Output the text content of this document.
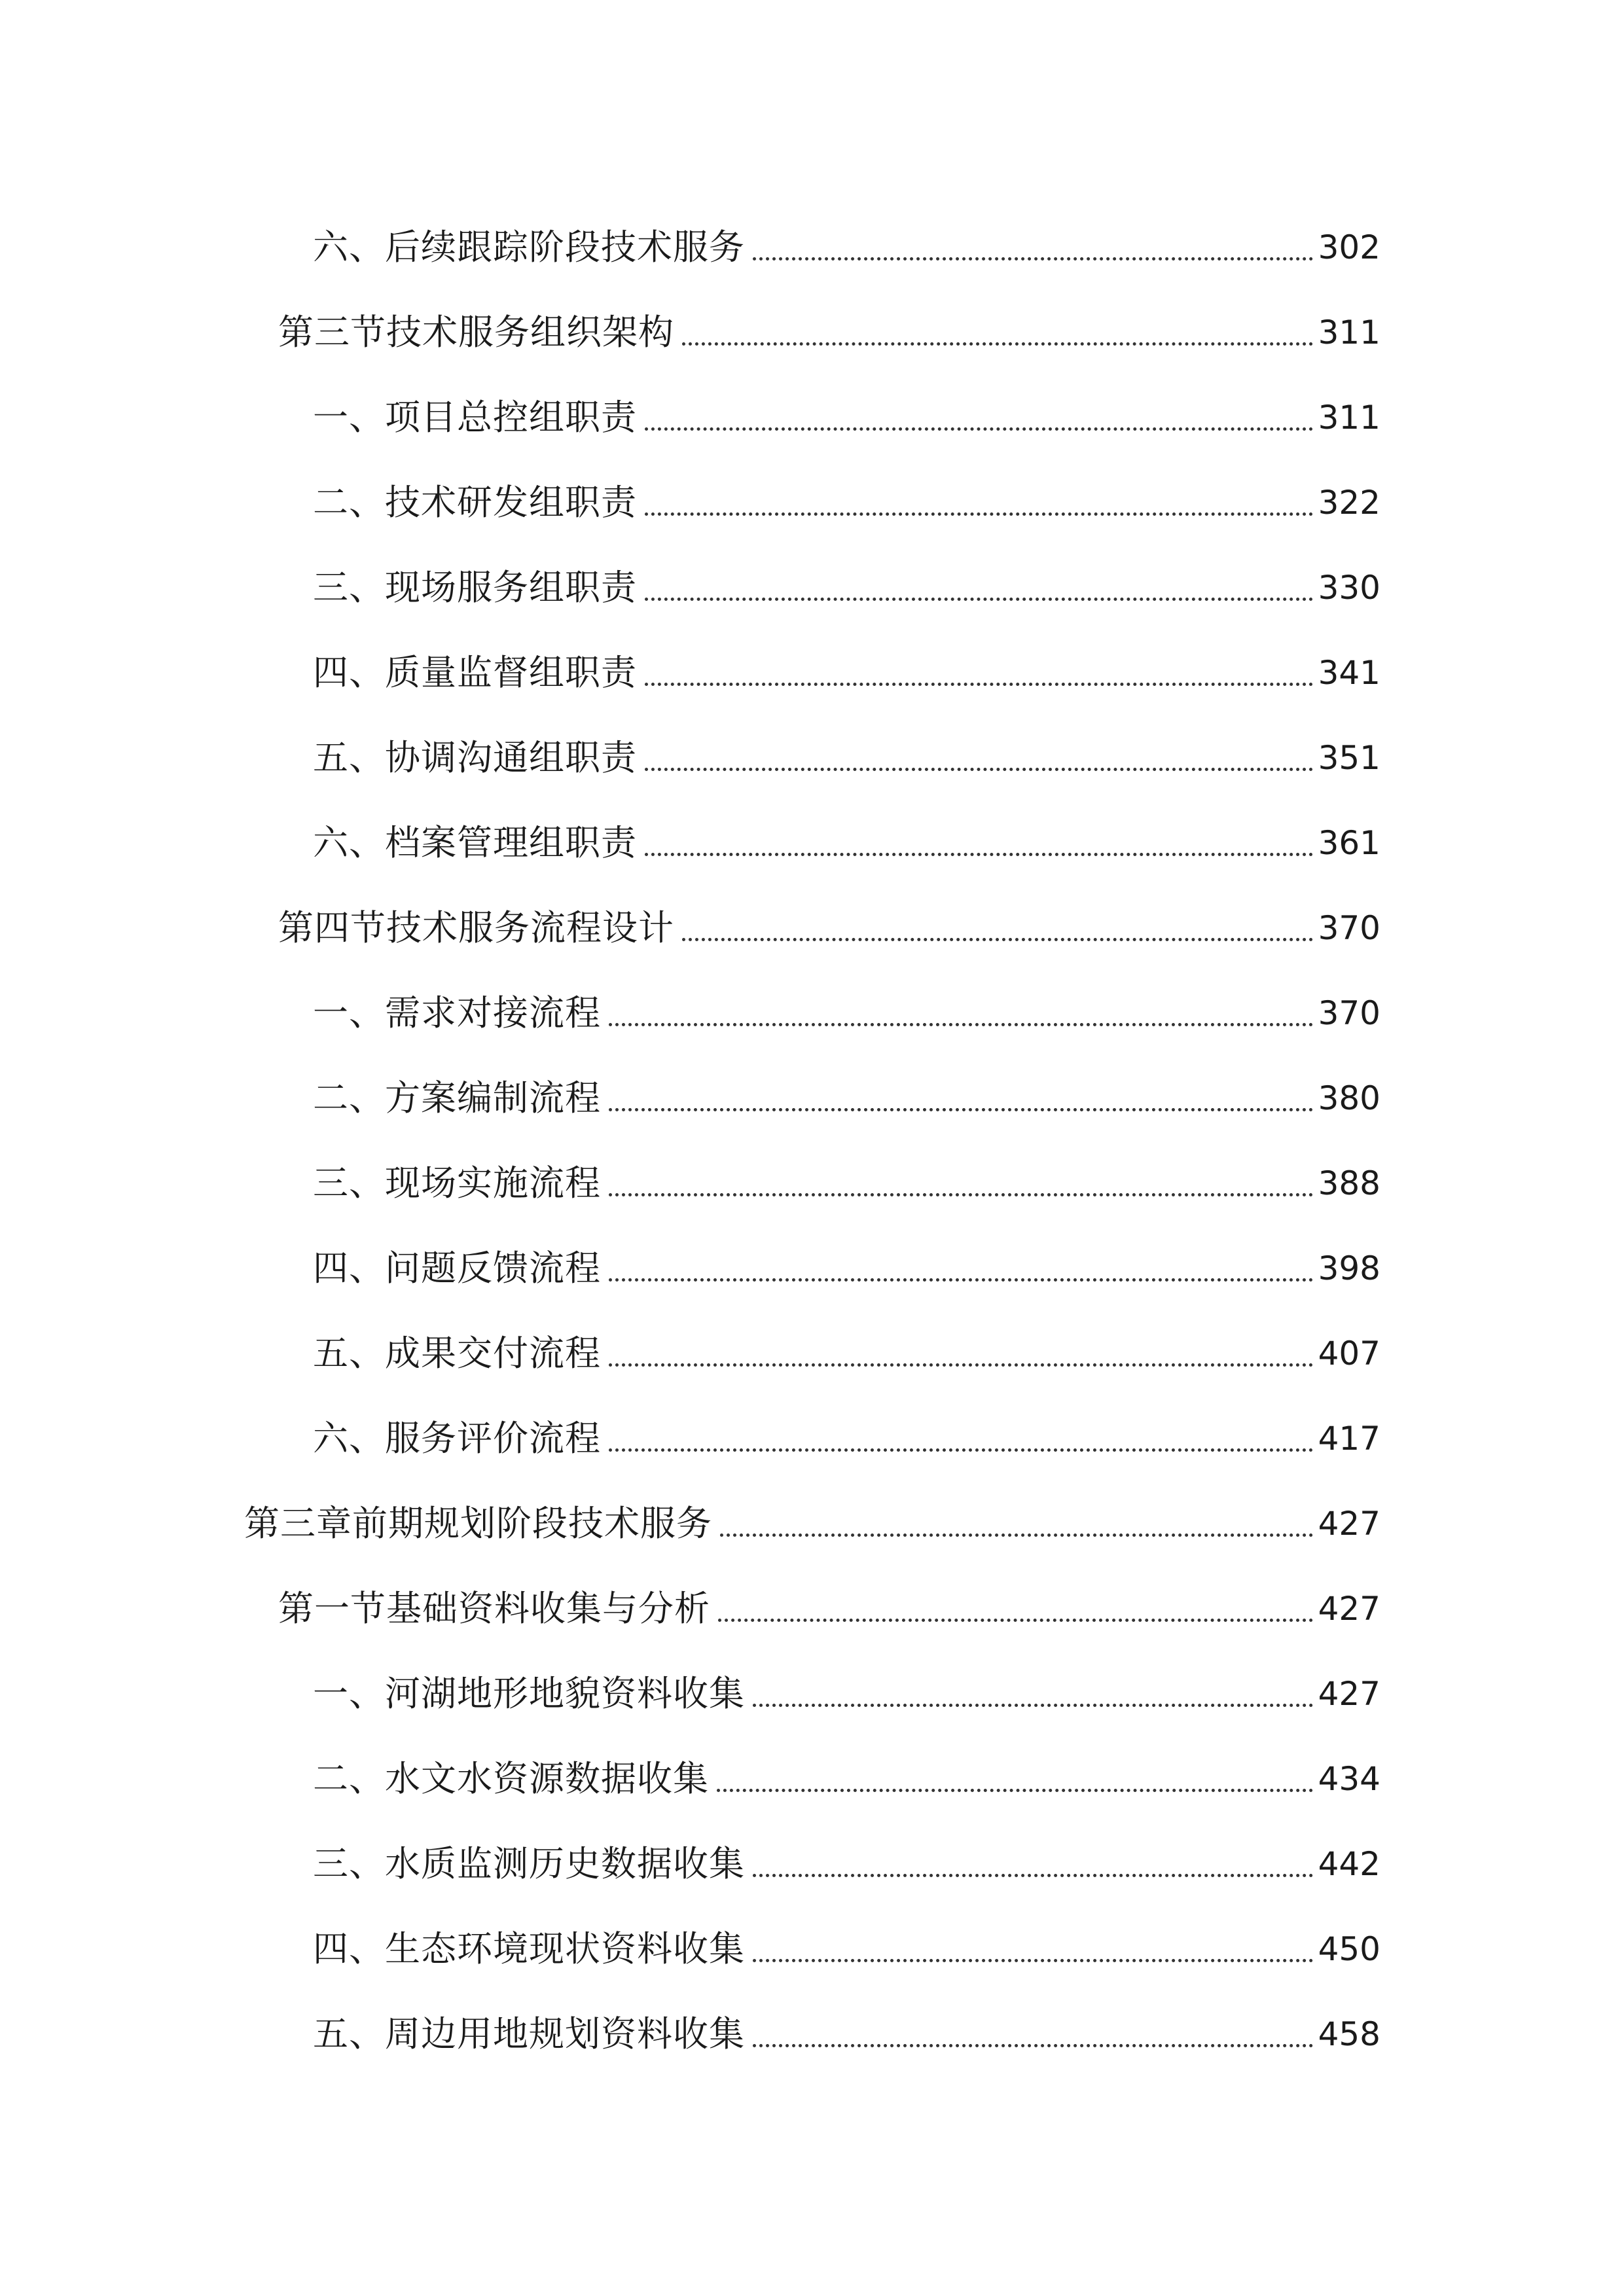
六、后续跟踪阶段技术服务	302
第三节技术服务组织架构	311
一、项目总控组职责	311
二、技术研发组职责	322
三、现场服务组职责	330
四、质量监督组职责	341
五、协调沟通组职责	351
六、档案管理组职责	361
第四节技术服务流程设计	370
一、需求对接流程	370
二、方案编制流程	380
三、现场实施流程	388
四、问题反馈流程	398
五、成果交付流程	407
六、服务评价流程	417
第三章前期规划阶段技术服务	427
第一节基础资料收集与分析	427
一、河湖地形地貌资料收集	427
二、水文水资源数据收集	434
三、水质监测历史数据收集	442
四、生态环境现状资料收集	450
五、周边用地规划资料收集	458
